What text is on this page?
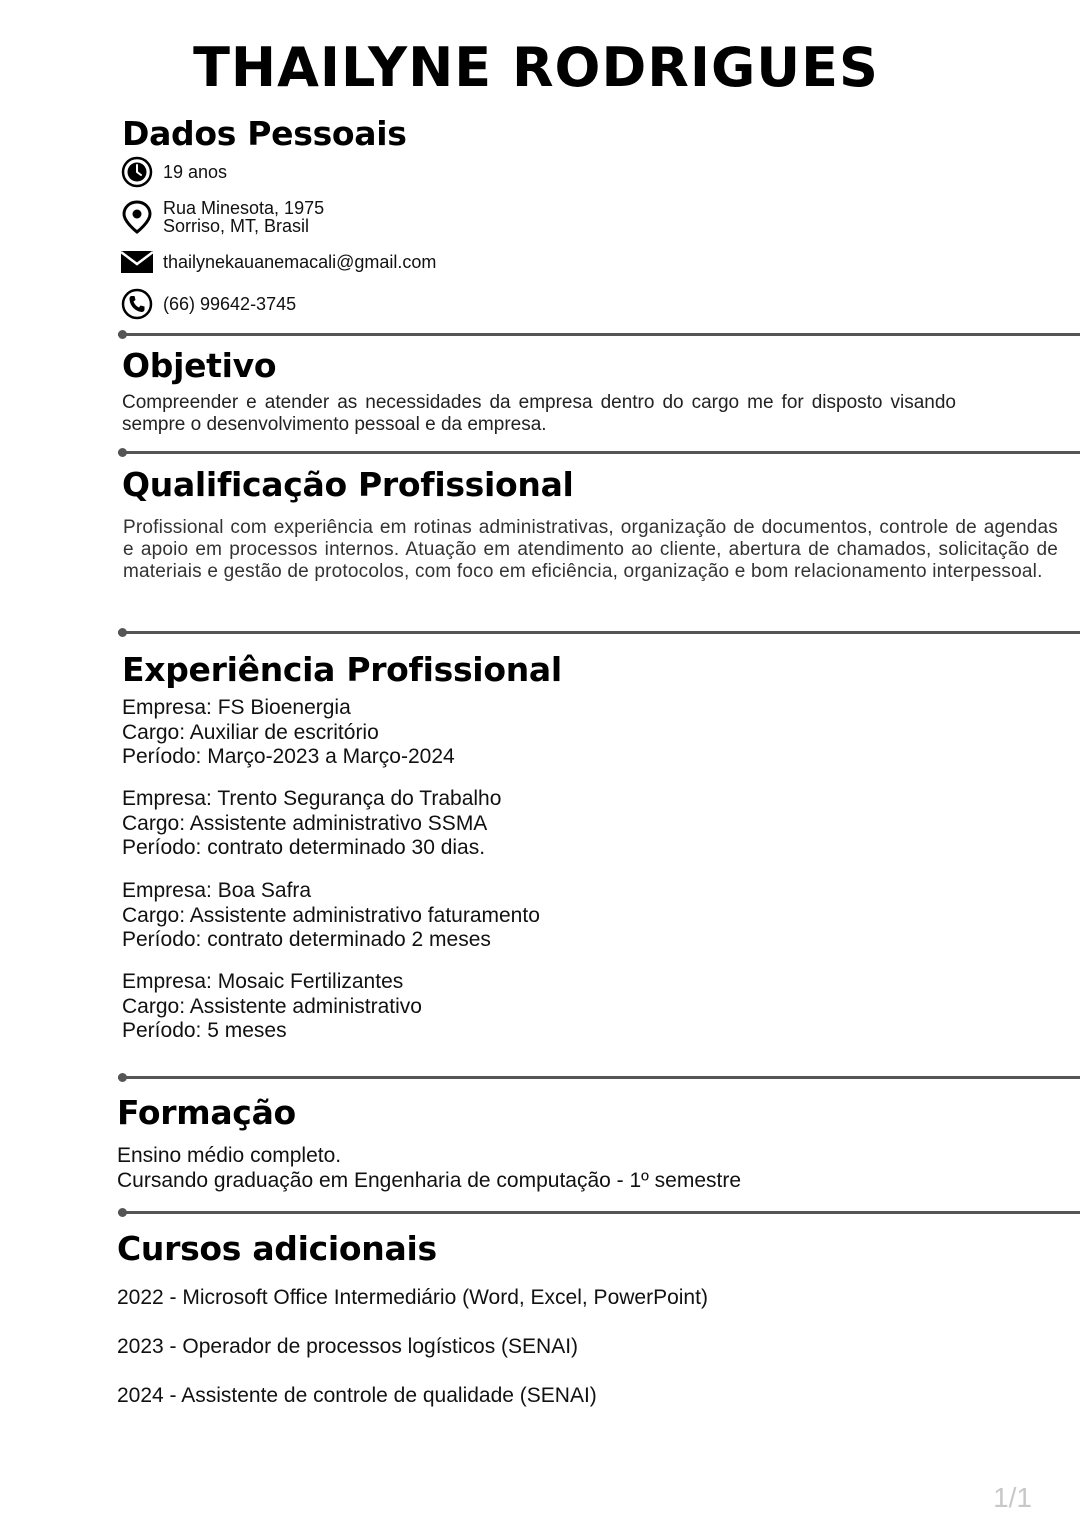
THAILYNE RODRIGUES
Dados Pessoais
19 anos
Rua Minesota, 1975
Sorriso, MT, Brasil
thailynekauanemacali@gmail.com
(66) 99642-3745
Objetivo
Compreender e atender as necessidades da empresa dentro do cargo me for disposto visando sempre o desenvolvimento pessoal e da empresa.
Qualificação Profissional
Profissional com experiência em rotinas administrativas, organização de documentos, controle de agendas e apoio em processos internos. Atuação em atendimento ao cliente, abertura de chamados, solicitação de materiais e gestão de protocolos, com foco em eficiência, organização e bom relacionamento interpessoal.
Experiência Profissional
Empresa: FS Bioenergia
Cargo: Auxiliar de escritório
Período: Março-2023 a Março-2024
Empresa: Trento Segurança do Trabalho
Cargo: Assistente administrativo SSMA
Período: contrato determinado 30 dias.
Empresa: Boa Safra
Cargo: Assistente administrativo faturamento
Período: contrato determinado 2 meses
Empresa: Mosaic Fertilizantes
Cargo: Assistente administrativo
Período: 5 meses
Formação
Ensino médio completo.
Cursando graduação em Engenharia de computação - 1º semestre
Cursos adicionais
2022 - Microsoft Office Intermediário (Word, Excel, PowerPoint)
2023 - Operador de processos logísticos (SENAI)
2024 - Assistente de controle de qualidade (SENAI)
1/1
